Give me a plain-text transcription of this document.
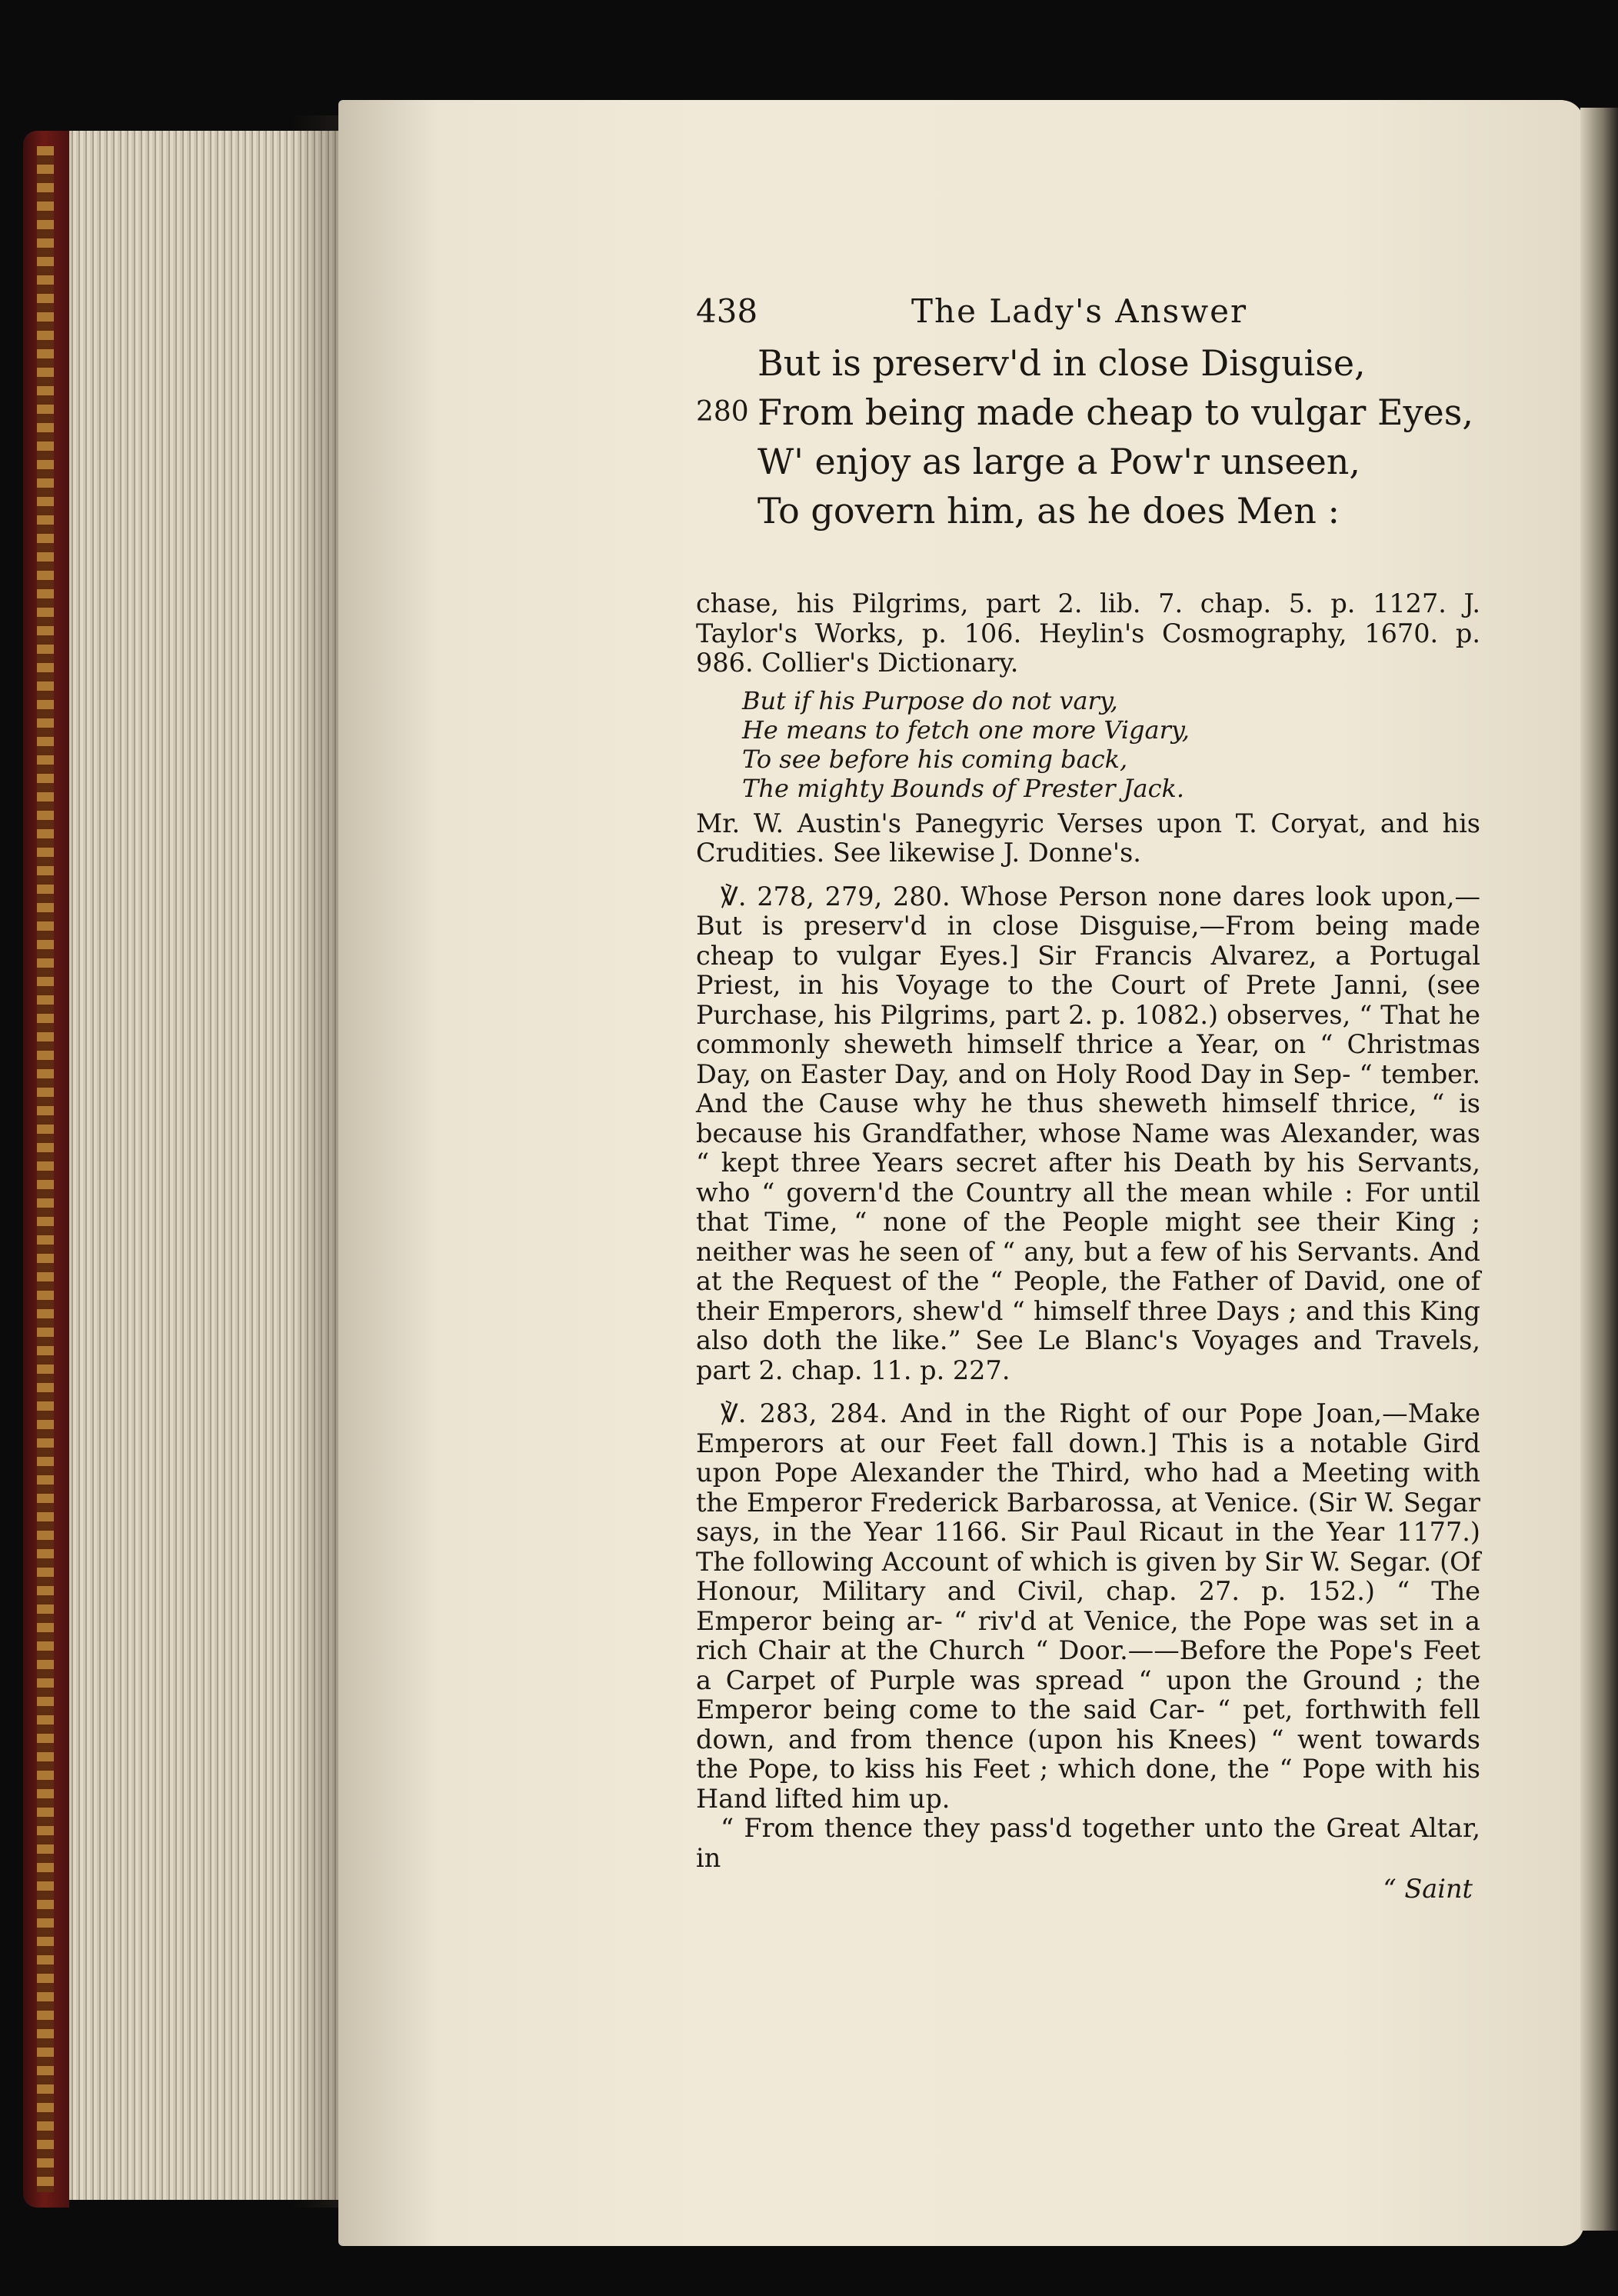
438	The Lady's Answer
But is preserv'd in close Disguise,
280 From being made cheap to vulgar Eyes,
W' enjoy as large a Pow'r unseen,
To govern him, as he does Men :

chase, his Pilgrims, part 2. lib. 7. chap. 5. p. 1127. J. Taylor's Works, p. 106. Heylin's Cosmography, 1670. p. 986. Collier's Dictionary.

But if his Purpose do not vary,
He means to fetch one more Vigary,
To see before his coming back,
The mighty Bounds of Prester Jack.

Mr. W. Austin's Panegyric Verses upon T. Coryat, and his Crudities. See likewise J. Donne's.

℣. 278, 279, 280. Whose Person none dares look upon,—But is preserv'd in close Disguise,—From being made cheap to vulgar Eyes.] Sir Francis Alvarez, a Portugal Priest, in his Voyage to the Court of Prete Janni, (see Purchase, his Pilgrims, part 2. p. 1082.) observes, “ That he commonly sheweth himself thrice a Year, on “ Christmas Day, on Easter Day, and on Holy Rood Day in Sep- “ tember. And the Cause why he thus sheweth himself thrice, “ is because his Grandfather, whose Name was Alexander, was “ kept three Years secret after his Death by his Servants, who “ govern'd the Country all the mean while : For until that Time, “ none of the People might see their King ; neither was he seen of “ any, but a few of his Servants. And at the Request of the “ People, the Father of David, one of their Emperors, shew'd “ himself three Days ; and this King also doth the like.” See Le Blanc's Voyages and Travels, part 2. chap. 11. p. 227.

℣. 283, 284. And in the Right of our Pope Joan,—Make Emperors at our Feet fall down.] This is a notable Gird upon Pope Alexander the Third, who had a Meeting with the Emperor Frederick Barbarossa, at Venice. (Sir W. Segar says, in the Year 1166. Sir Paul Ricaut in the Year 1177.) The following Account of which is given by Sir W. Segar. (Of Honour, Military and Civil, chap. 27. p. 152.) “ The Emperor being ar- “ riv'd at Venice, the Pope was set in a rich Chair at the Church “ Door.——Before the Pope's Feet a Carpet of Purple was spread “ upon the Ground ; the Emperor being come to the said Car- “ pet, forthwith fell down, and from thence (upon his Knees) “ went towards the Pope, to kiss his Feet ; which done, the “ Pope with his Hand lifted him up.

“ From thence they pass'd together unto the Great Altar, in

“ Saint
